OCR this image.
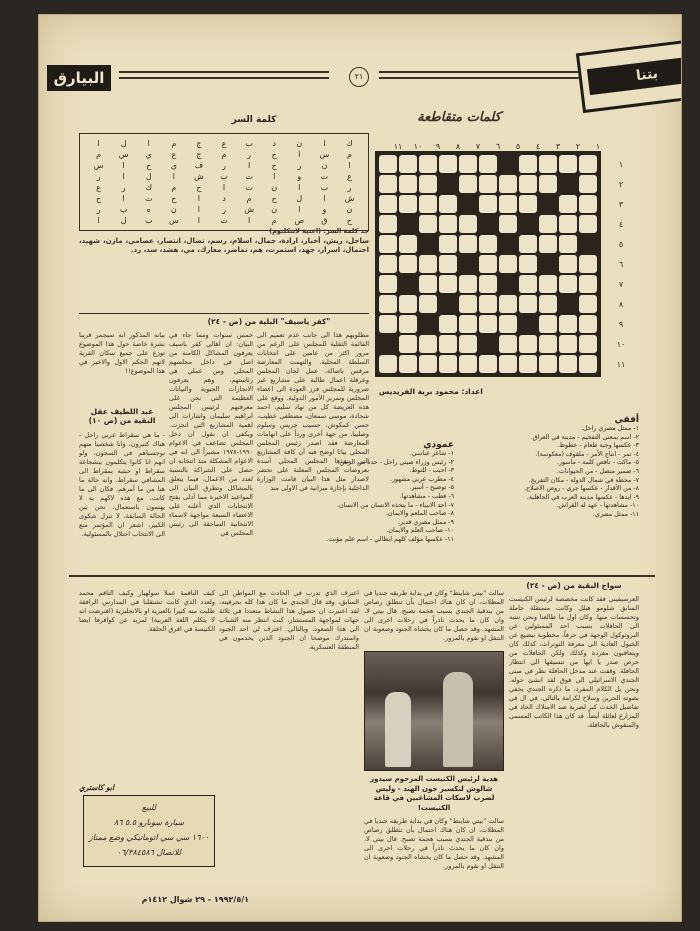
البيارق	٢١	بتنا
كلمات متقاطعة
١
٢
٣
٤
٥
٦
٧
٨
٩
١٠
١١
١
٢
٣
٤
٥
٦
٧
٨
٩
١٠
١١
اعداد: محمود برية الفريديس
أفقي
١- ممثل مصري راحل.
٢- اسم بمعنى التفخيم - مدينة في العراق.
٣- عكسها وجبة طعام - خطوط.
٤- تمر - انتاج الأمر - ملفوف (معكوسة).
٥- ماكث - ناقص كلمة - ماسور.
٦- ضمير متصل - من الحيوانات.
٧- محطة في شمال الدولة - مكان التفريخ.
٨- من الأقدار - عكسها جرى - روض الاصلاح.
٩- ايدها - عكسها مدينة العرب في الجاهلية.
١٠- مشاهدتها - عهد له القراش.
١١- ممثل مصري.
عمودي
١- شاعر عباسي.
٢- رئيس وزراء صيني راحل - حدة من الزمن.
٣- احبب - للنوط.
٤- مطرب عربي مشهور.
٥- توضيح - أسير.
٦- قطب - مشاهدتها.
٧- احد الانبياء - ما يتخذه الانسان من الانسان.
٨- صاحب الملعم والايمان.
٩- ممثل مصري قدير.
١٠- صاحب العلم والايمان.
١١- عكسها مؤلف كلهم ابطالي - اسم علم مؤنث.
كلمة السر
ك
ا
ن
د
ب
ع
ج
م
ا
ل
ا
م
س
ا
ح
ر
م
ج
ع
ي
س
م
ا
ن
ر
ح
ا
ر
ف
ي
ح
ا
س
ع
ت
و
ا
ت
ب
ش
ا
ل
ا
ر
ر
ب
ا
ن
ت
ا
ح
م
ك
ر
ع
ش
ا
ل
ح
م
د
ا
ح
ت
ا
ح
ن
و
ا
ن
ش
ر
ا
ن
ه
ب
ر
ح
ق
ص
م
ا
ت
ا
س
ب
ل
ا
جد كلمة السر: (اغنية لابنكلثوم)
ساحل، ريش، أخبار، ارادة، جمال، اسلام، رسم، نضال، انتصار، عصامي، مازن، شهيد، احتمال، اسرار، جهد، استمرت، هم، تماضر، معارك، مي، هشد، سد، رد.
"كفر ياسيف" البلية من (ص - ٢٤)
مطلوبهم هذا الى جانب عدم تعميم الى القائمة الثقلية للمجلس على الرغم من مرور اكثر من عامين على انتخابات السلطة المحلية. والتهمت المعارضة مرقس باصالة، عمل لجان المجلس وعرقلة اعمال طالبة على مشاريع غير ضرورية للمجلس فرز العودة الى اعضاء المجلس وتمرير الأمور الدولية. ووقع على هذه العريضة كل من نهاد سليم، احمد شحادة، موسى سمعان، مصطفى خطيب، حسن كمكوش، حسيب جريس وسلوم وصليبا، من جهة أخرى ورداً على اتهامات المعارضة فقد اصدر رئيس المجلس المحلي بيانا اوضح فيه أن كافة المشاريع التي ينفذها المجلس المحلي أسدة بعروضات المجلس المعلنة على تحضر لاصدار مثل هذا البيان قامت الوزارة الداخلية بإجازة ميزانية في الاولى منذ
خمس سنوات ومما جاء في البيان: ان اهالي كفر ياسيف يعرفون المشاكل الكامنة من اصل في داخل مجلسهم المحلي ومن عملي في رئاستهم، وهم يعرفون الانجازات الحيوية والبيانات العظيمة التي نحن على معرفتهم لرئيس المجلس ابراهيم سليمان واشارات الى اهمية المشاريع التي انجزت. ويكفي ان نقول ان دخل المجلس تضاعف في الاعوام ١٩٩٠-١٩٧٨ مشيراً الى انه في الاعوام المشكلة منذ انتخابه ان حصل على الشراكة بالنسبة لعدد من الاعمال، فيما يتعلق بالمشاكل وتطرق البيان الى المواعيد الاخيرة مما أدلى بفتح الانتخابات الذي أعلنه على الاعضاء السبعة مواجهة لاسماء الانتخابية الساحقة الى رئيس المجلس في
بيانه المذكور انه سيجمر قريبا نشرة خاصة حول هذا الموضوع توزع على جميع سكان القرية لاتهم الحكم الاول والاخير في هذا الموضوع!!
عبد اللطيف عقل البقية من (ص ١٠)
- ما هي سقراط عربي راحل - هناك كثيرون، وانا شخصيا منهم نوجسباهم في السجون، ولو انهم انا كانوا يتكلمون ببشجاعة سقراط او حبثبه بمقراط الى المشافي سقراط، وانه حالة ما هنا من ما أمرهم. فكان الى ما كانت، مع هذه لاكهم به لا يهتمون باستعمال. نحن بين الحالة السابقة، لا تنزل شكوى الكبير، اشعر ان المؤتمر منع الى الانتخاب احتلال بالمسئولية.
سواح البقية من (ص - ٢٤)
العرسيفيني فقد كانت مخصصة لرئيس الكنيست السابق شلومو هيلل وكانت مستقلة حاملة وتحسسات منها. وكان اول ما طالعنا ونحن ننتبه الى الحافلات بسبب احد المسئولين عن البروتوكول الوجهة في حرفاً، مخطوبة ببضيع عن الخيول العادية الى معرفة التوترات، كذلك كان ويتعاقبون مفردة وكذلك ولكن الحافلات من حرص صدر يا ايها من تنسيقها الى انتظار الحافلة. وقفت عند مدخل الحافلة نظر في مبنى الجندي الاسرائيلي الى فوق لقد انشئ حوله. ونحن بل الكلام المفرد، ما ذكره الجندي يخفي بصوته الحزين وسلاح لكرامة بالتالي. في ال في تفاصيل الحدث كبر لضربة ضد الامتلاك الحاد في المزارع لعائلة أيضاً. قد كان هذا الكاتب المسمى والمنقوش بالحافلة.
سالت "بيتي شاينط" وكان في بداية طريقه جنديا في المظلات، ان كان هناك احتمال بأن تنطلق رصاص من بندقية الجندي بسبب هجمة تصبح. قال بيتي لا، وان كان ما يحدث نادراً في رحلات اخرى الى المشهد. وقد حصل ما كان يخشاه الجنود وصعوبة ان التنقل او نقوم بالمرور.
اعترف الذي تدرب في الحادث مع المواطن الى السابق، وقد قال الجندي ما كان هذا كله بحرفيته، لقد اعتبرت ان حصول هذا النشاط متعددا في ثلاثة جهات لمواجهة المستشار، كنت انتظر منه الشباب الى هذا الصعود، وبالتالي. اعترف لي احد الجنود واستدرك موضحا ان الجنود الذين يخدمون في المنطقة العسكرية.
هدية لرئيس الكنيست المرحوم سيدور شالوش لتكسير جون الهند - وليس لضرب لاسكات المشاغبين في قاعة الكنيست!
سالت "بيتي شاينط" وكان في بداية طريقه جنديا في المظلات، ان كان هناك احتمال بأن تنطلق رصاص من بندقية الجندي بسبب هجمة تصبح. قال بيتي لا، وان كان ما يحدث نادراً في رحلات اخرى الى المشهد. وقد حصل ما كان يخشاه الجنود وصعوبة ان التنقل او نقوم بالمرور.
كيف الناقمة عملا سولهيار وكيف التاقم محمد ولعدد الذي كانت تشتقلنا في المدارس الرافقة طلبت منه كثيرا بالعبرية او بالانجليزية (افترضت انه لا يتكلم اللغة العربية) لمزيد عن كوافرفا ايضا الكنيسة في افرق الحلقة.
ابو كاستري
للبيع
سيارة سوبارو ٥.٥ ٨٦
١٦٠٠ سي سي اتوماتيكي وضع ممتاز
للاتصال ٠٦/٣٨٤٥٨٦
١٩٩٢/٥/١ - ٢٩ شوال ١٤١٢م
